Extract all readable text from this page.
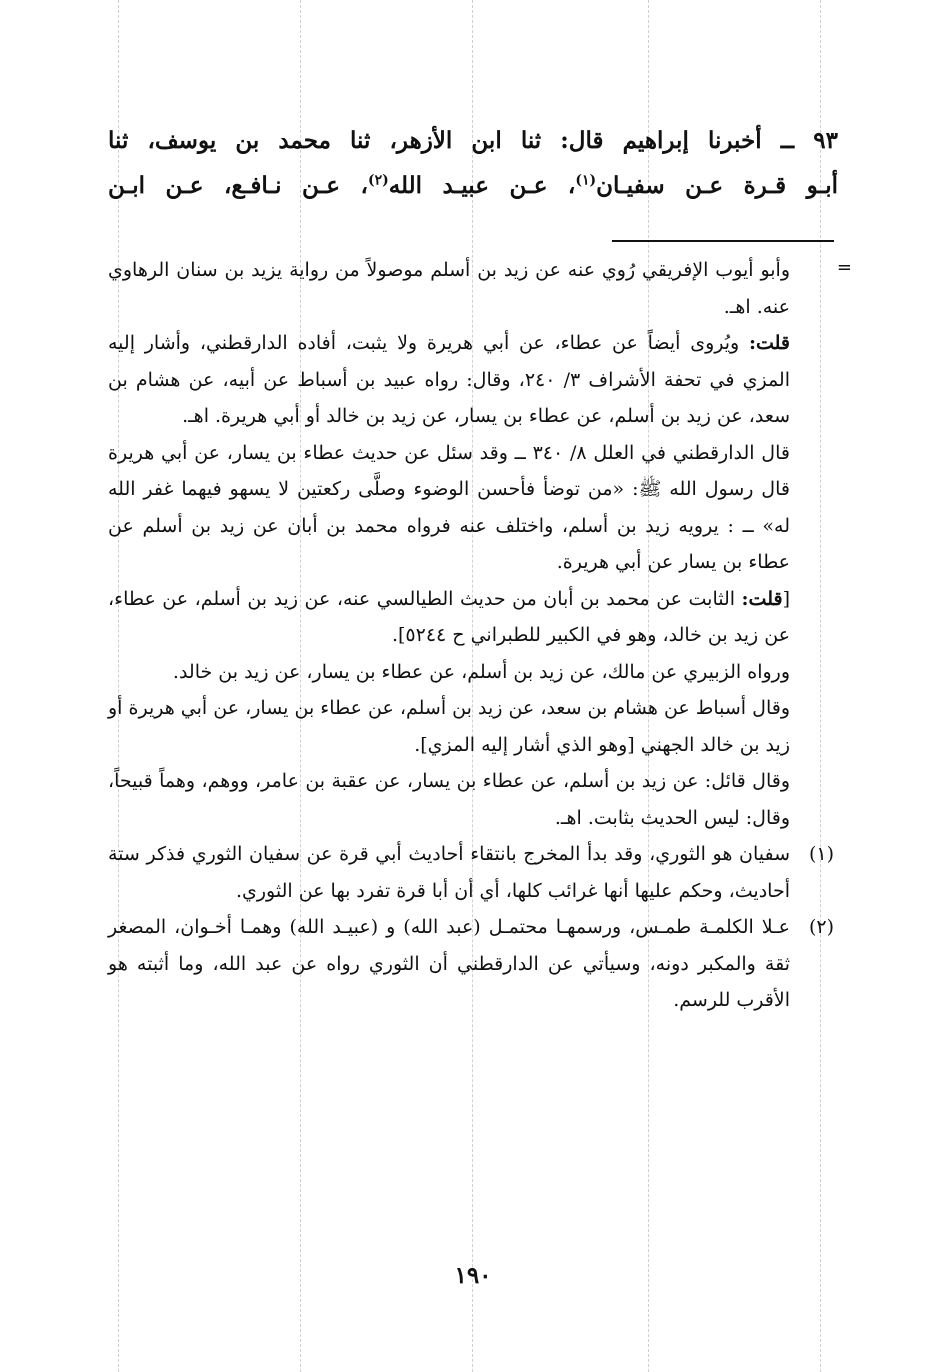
٩٣ ــ أخبرنا إبراهيم قال: ثنا ابن الأزهر، ثنا محمد بن يوسف، ثنا
أبـو قـرة عـن سفيـان$^{(١)}$، عـن عبيـد الله$^{(٢)}$، عـن نـافـع، عـن ابـن
=

وأبو أيوب الإفريقي رُوي عنه عن زيد بن أسلم موصولاً من رواية يزيد بن سنان الرهاوي عنه. اهـ.

قلت: ويُروى أيضاً عن عطاء، عن أبي هريرة ولا يثبت، أفاده الدارقطني، وأشار إليه المزي في تحفة الأشراف ٣/ ٢٤٠، وقال: رواه عبيد بن أسباط عن أبيه، عن هشام بن سعد، عن زيد بن أسلم، عن عطاء بن يسار، عن زيد بن خالد أو أبي هريرة. اهـ.

قال الدارقطني في العلل ٨/ ٣٤٠ ــ وقد سئل عن حديث عطاء بن يسار، عن أبي هريرة قال رسول الله ﷺ: «من توضأ فأحسن الوضوء وصلَّى ركعتين لا يسهو فيهما غفر الله له» ــ : يرويه زيد بن أسلم، واختلف عنه فرواه محمد بن أبان عن زيد بن أسلم عن عطاء بن يسار عن أبي هريرة.

[قلت: الثابت عن محمد بن أبان من حديث الطيالسي عنه، عن زيد بن أسلم، عن عطاء، عن زيد بن خالد، وهو في الكبير للطبراني ح ٥٢٤٤].

ورواه الزبيري عن مالك، عن زيد بن أسلم، عن عطاء بن يسار، عن زيد بن خالد.

وقال أسباط عن هشام بن سعد، عن زيد بن أسلم، عن عطاء بن يسار، عن أبي هريرة أو زيد بن خالد الجهني [وهو الذي أشار إليه المزي].

وقال قائل: عن زيد بن أسلم، عن عطاء بن يسار، عن عقبة بن عامر، ووهم، وهماً قبيحاً، وقال: ليس الحديث بثابت. اهـ.

(١)
سفيان هو الثوري، وقد بدأ المخرج بانتقاء أحاديث أبي قرة عن سفيان الثوري فذكر ستة أحاديث، وحكم عليها أنها غرائب كلها، أي أن أبا قرة تفرد بها عن الثوري.

(٢)
عـلا الكلمـة طمـس، ورسمهـا محتمـل (عبد الله) و (عبيـد الله) وهمـا أخـوان، المصغر ثقة والمكبر دونه، وسيأتي عن الدارقطني أن الثوري رواه عن عبد الله، وما أثبته هو الأقرب للرسم.

١٩٠
